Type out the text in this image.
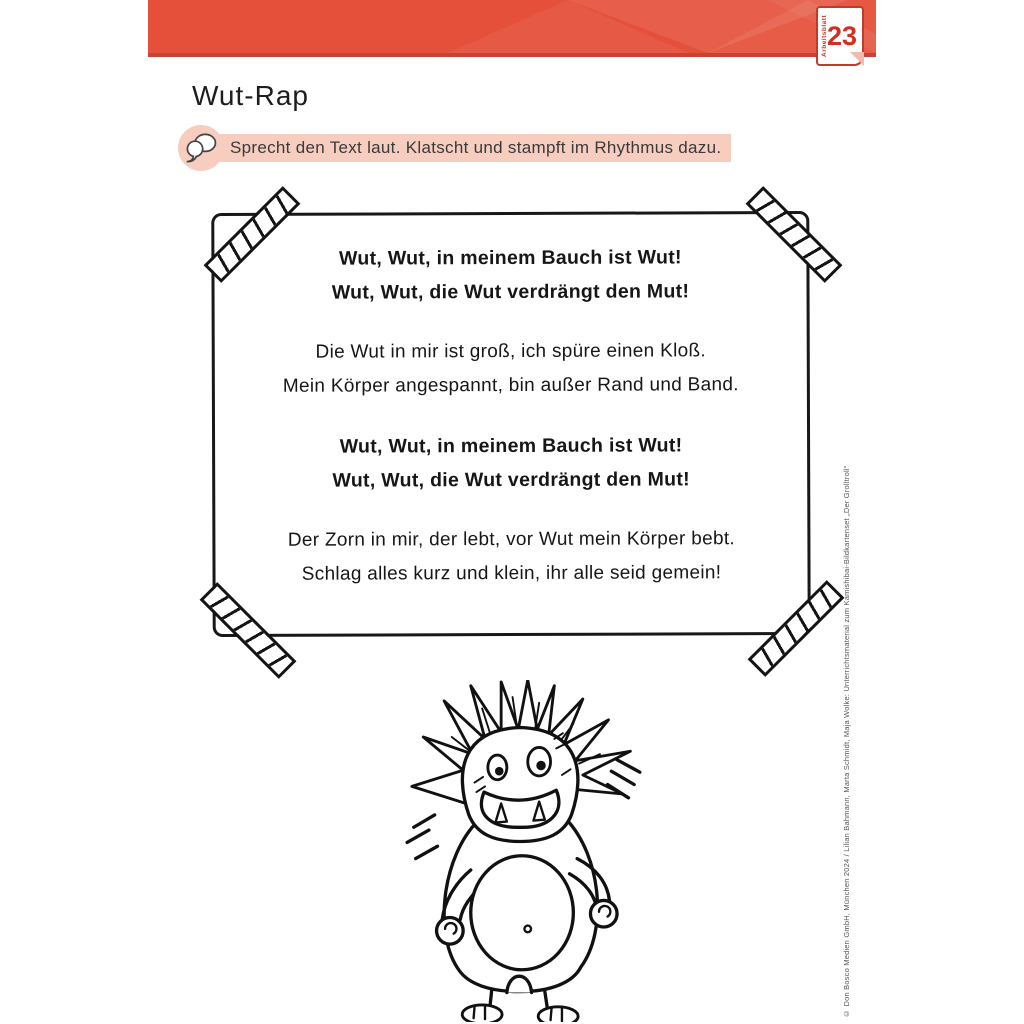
Arbeitsblatt
23
Wut-Rap
Sprecht den Text laut. Klatscht und stampft im Rhythmus dazu.
Wut, Wut, in meinem Bauch ist Wut!
Wut, Wut, die Wut verdrängt den Mut!
Die Wut in mir ist groß, ich spüre einen Kloß.
Mein Körper angespannt, bin außer Rand und Band.
Wut, Wut, in meinem Bauch ist Wut!
Wut, Wut, die Wut verdrängt den Mut!
Der Zorn in mir, der lebt, vor Wut mein Körper bebt.
Schlag alles kurz und klein, ihr alle seid gemein!	© Don Bosco Medien GmbH, München 2024 / Lilian Bahmann, Marta Schmidt, Maja Wolke: Unterrichtsmaterial zum Kamishibai-Bildkartenset „Der Grolltroll“
